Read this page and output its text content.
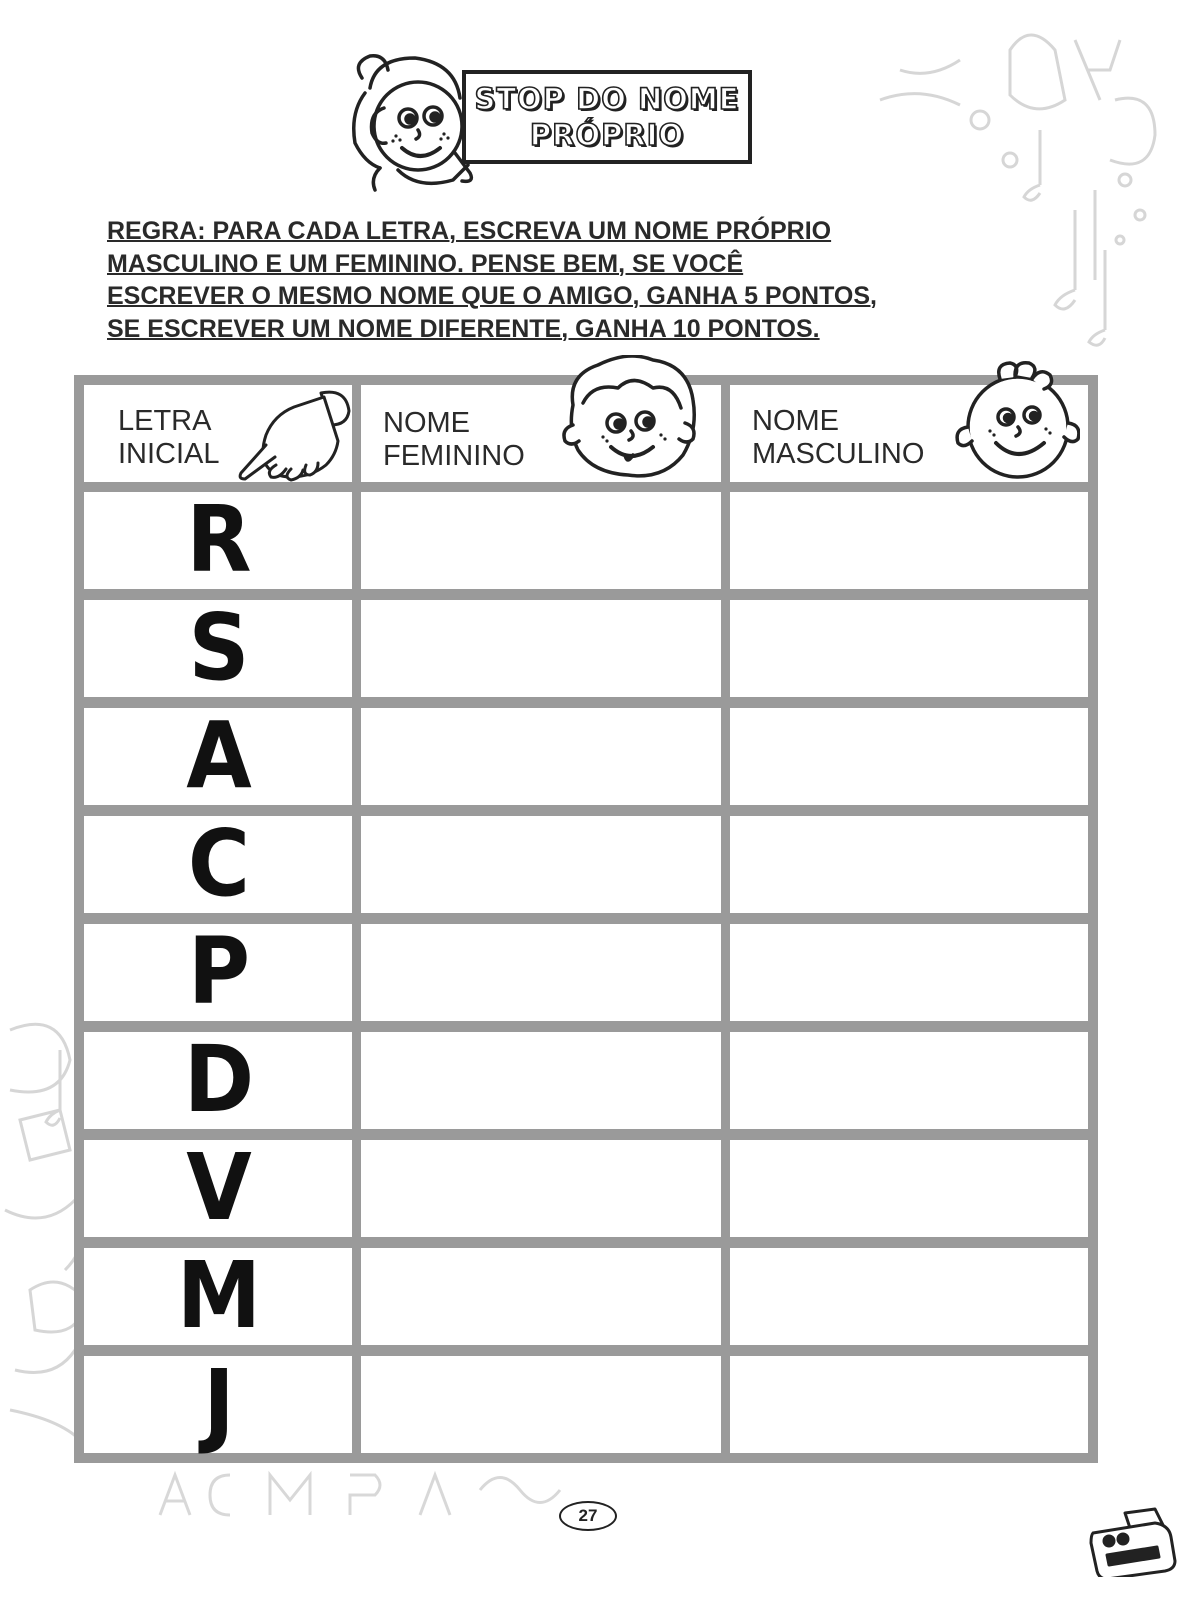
STOP DO NOME
PRÓPRIO
REGRA: PARA CADA LETRA, ESCREVA UM NOME PRÓPRIO
MASCULINO E UM FEMININO. PENSE BEM, SE VOCÊ
ESCREVER O MESMO NOME QUE O AMIGO, GANHA 5 PONTOS,
SE ESCREVER UM NOME DIFERENTE, GANHA 10 PONTOS.
LETRA
INICIAL
NOME
FEMININO
NOME
MASCULINO
R
S
A
C
P
D
V
M
J
27
